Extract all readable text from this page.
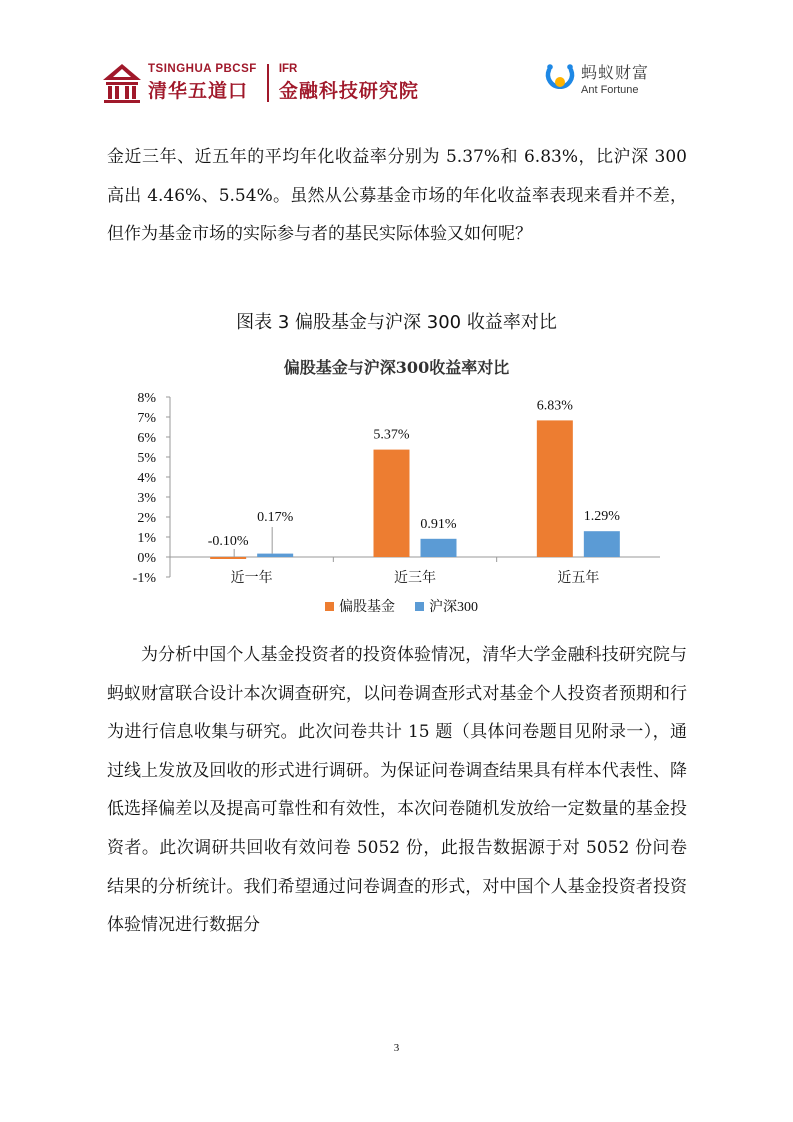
TSINGHUA PBCSF
清华五道口
IFR
金融科技研究院
蚂蚁财富
Ant Fortune
金近三年、近五年的平均年化收益率分别为 5.37%和 6.83%，比沪深 300 高出 4.46%、5.54%。虽然从公募基金市场的年化收益率表现来看并不差，但作为基金市场的实际参与者的基民实际体验又如何呢？
图表 3 偏股基金与沪深 300 收益率对比
偏股基金与沪深300收益率对比
-1%
0%
1%
2%
3%
4%
5%
6%
7%
8%
近一年
-0.10%
0.17%
近三年
5.37%
0.91%
近五年
6.83%
1.29%
偏股基金 沪深300
为分析中国个人基金投资者的投资体验情况，清华大学金融科技研究院与蚂蚁财富联合设计本次调查研究，以问卷调查形式对基金个人投资者预期和行为进行信息收集与研究。此次问卷共计 15 题（具体问卷题目见附录一），通过线上发放及回收的形式进行调研。为保证问卷调查结果具有样本代表性、降低选择偏差以及提高可靠性和有效性，本次问卷随机发放给一定数量的基金投资者。此次调研共回收有效问卷 5052 份，此报告数据源于对 5052 份问卷结果的分析统计。我们希望通过问卷调查的形式，对中国个人基金投资者投资体验情况进行数据分
3
